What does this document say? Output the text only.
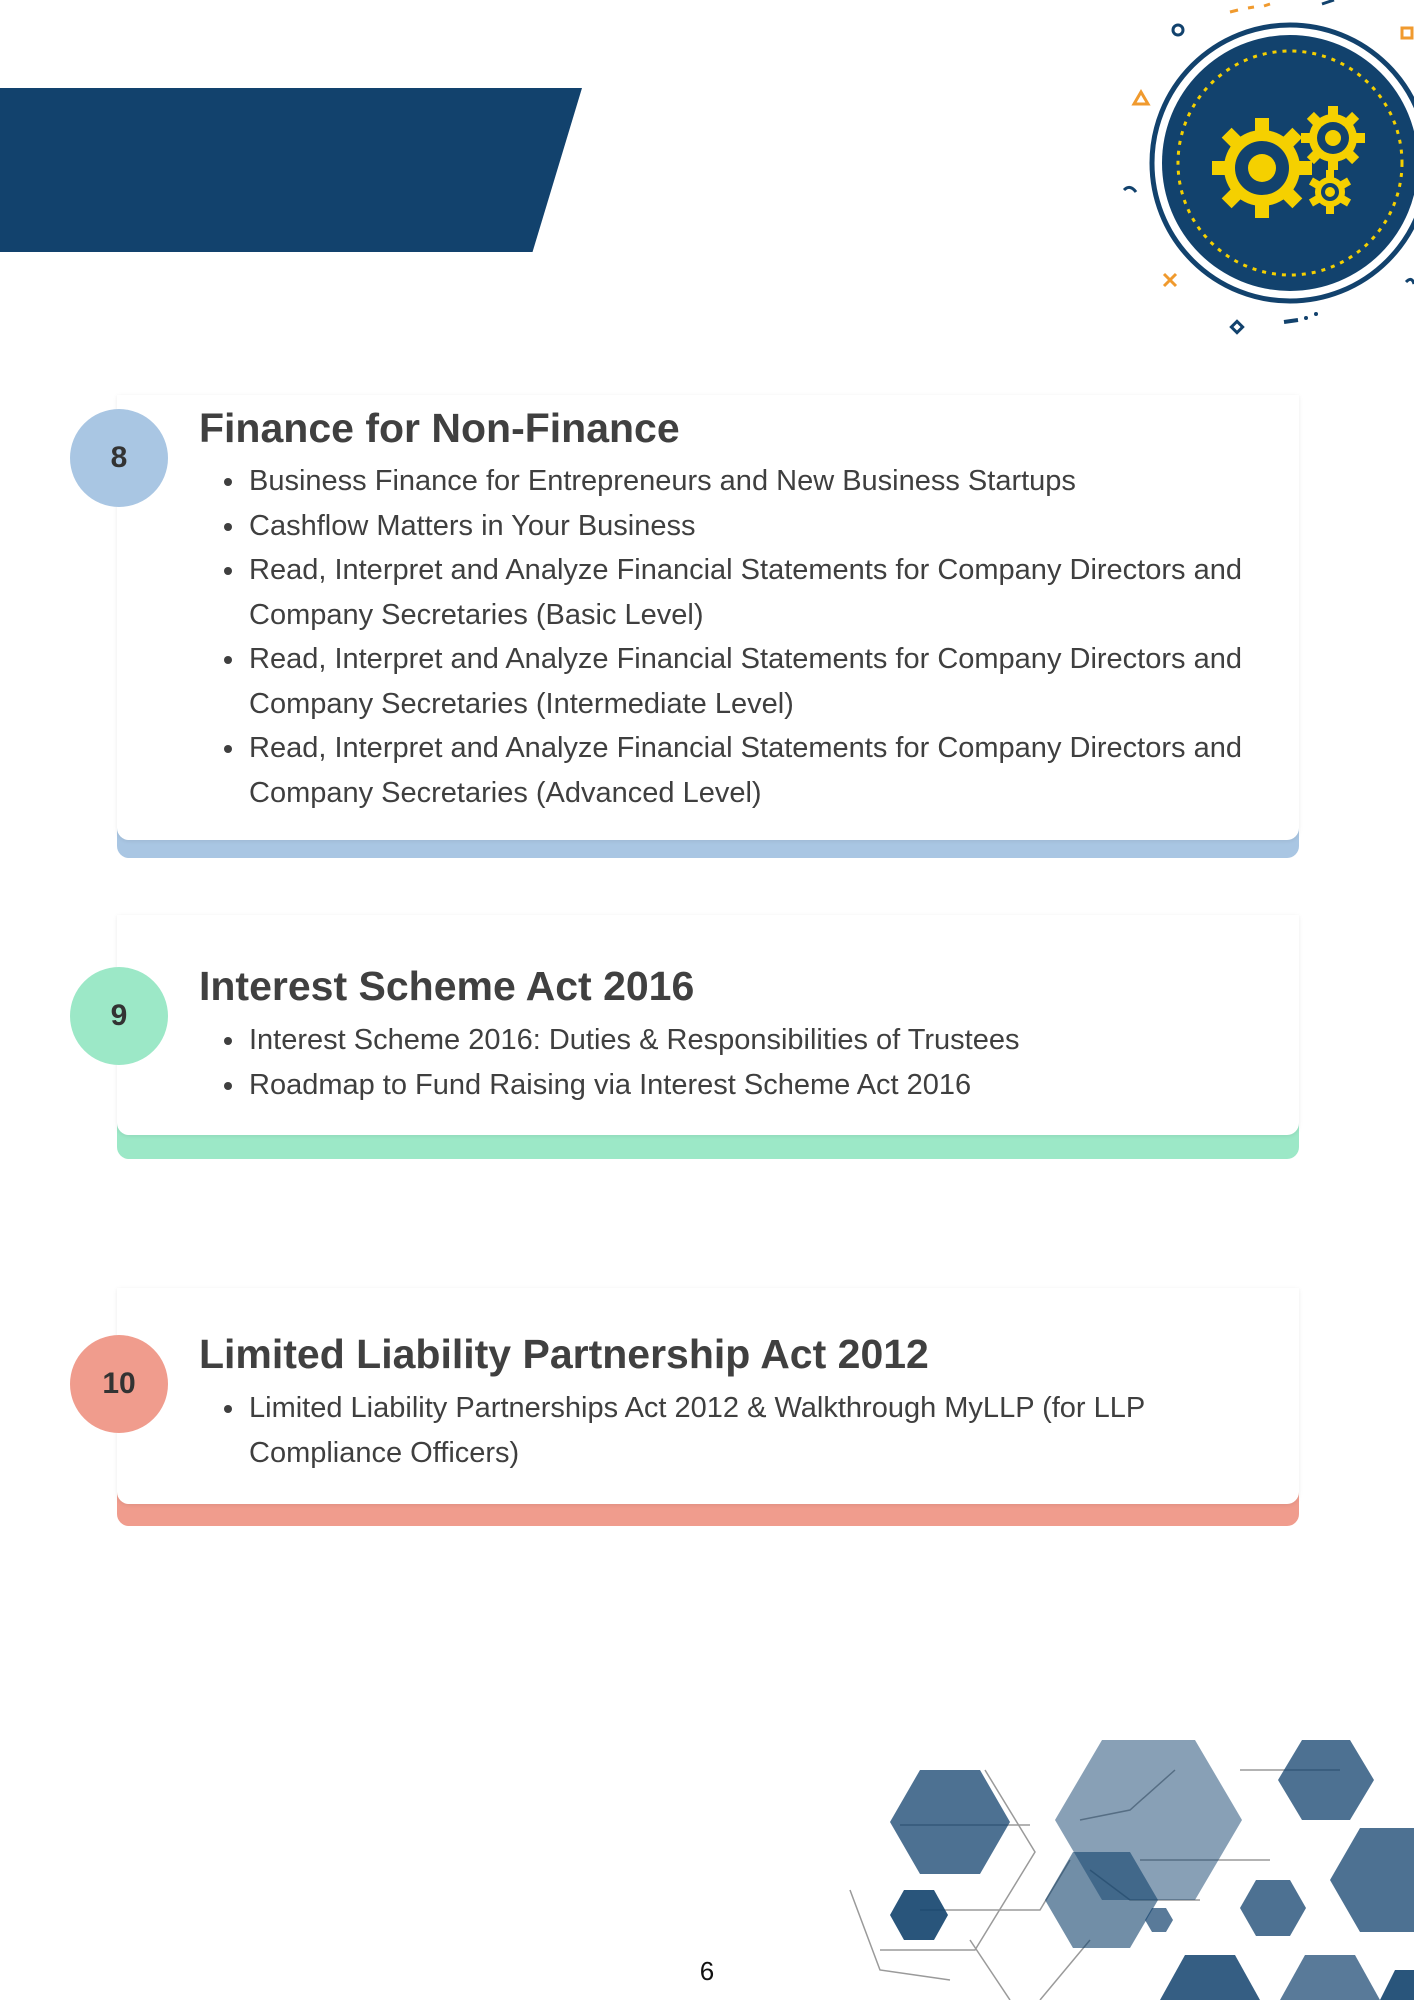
8
Finance for Non-Finance
• Business Finance for Entrepreneurs and New Business Startups
• Cashflow Matters in Your Business
• Read, Interpret and Analyze Financial Statements for Company Directors and Company Secretaries (Basic Level)
• Read, Interpret and Analyze Financial Statements for Company Directors and Company Secretaries (Intermediate Level)
• Read, Interpret and Analyze Financial Statements for Company Directors and Company Secretaries (Advanced Level)
9
Interest Scheme Act 2016
• Interest Scheme 2016: Duties & Responsibilities of Trustees
• Roadmap to Fund Raising via Interest Scheme Act 2016
10
Limited Liability Partnership Act 2012
• Limited Liability Partnerships Act 2012 & Walkthrough MyLLP (for LLP Compliance Officers)
6
